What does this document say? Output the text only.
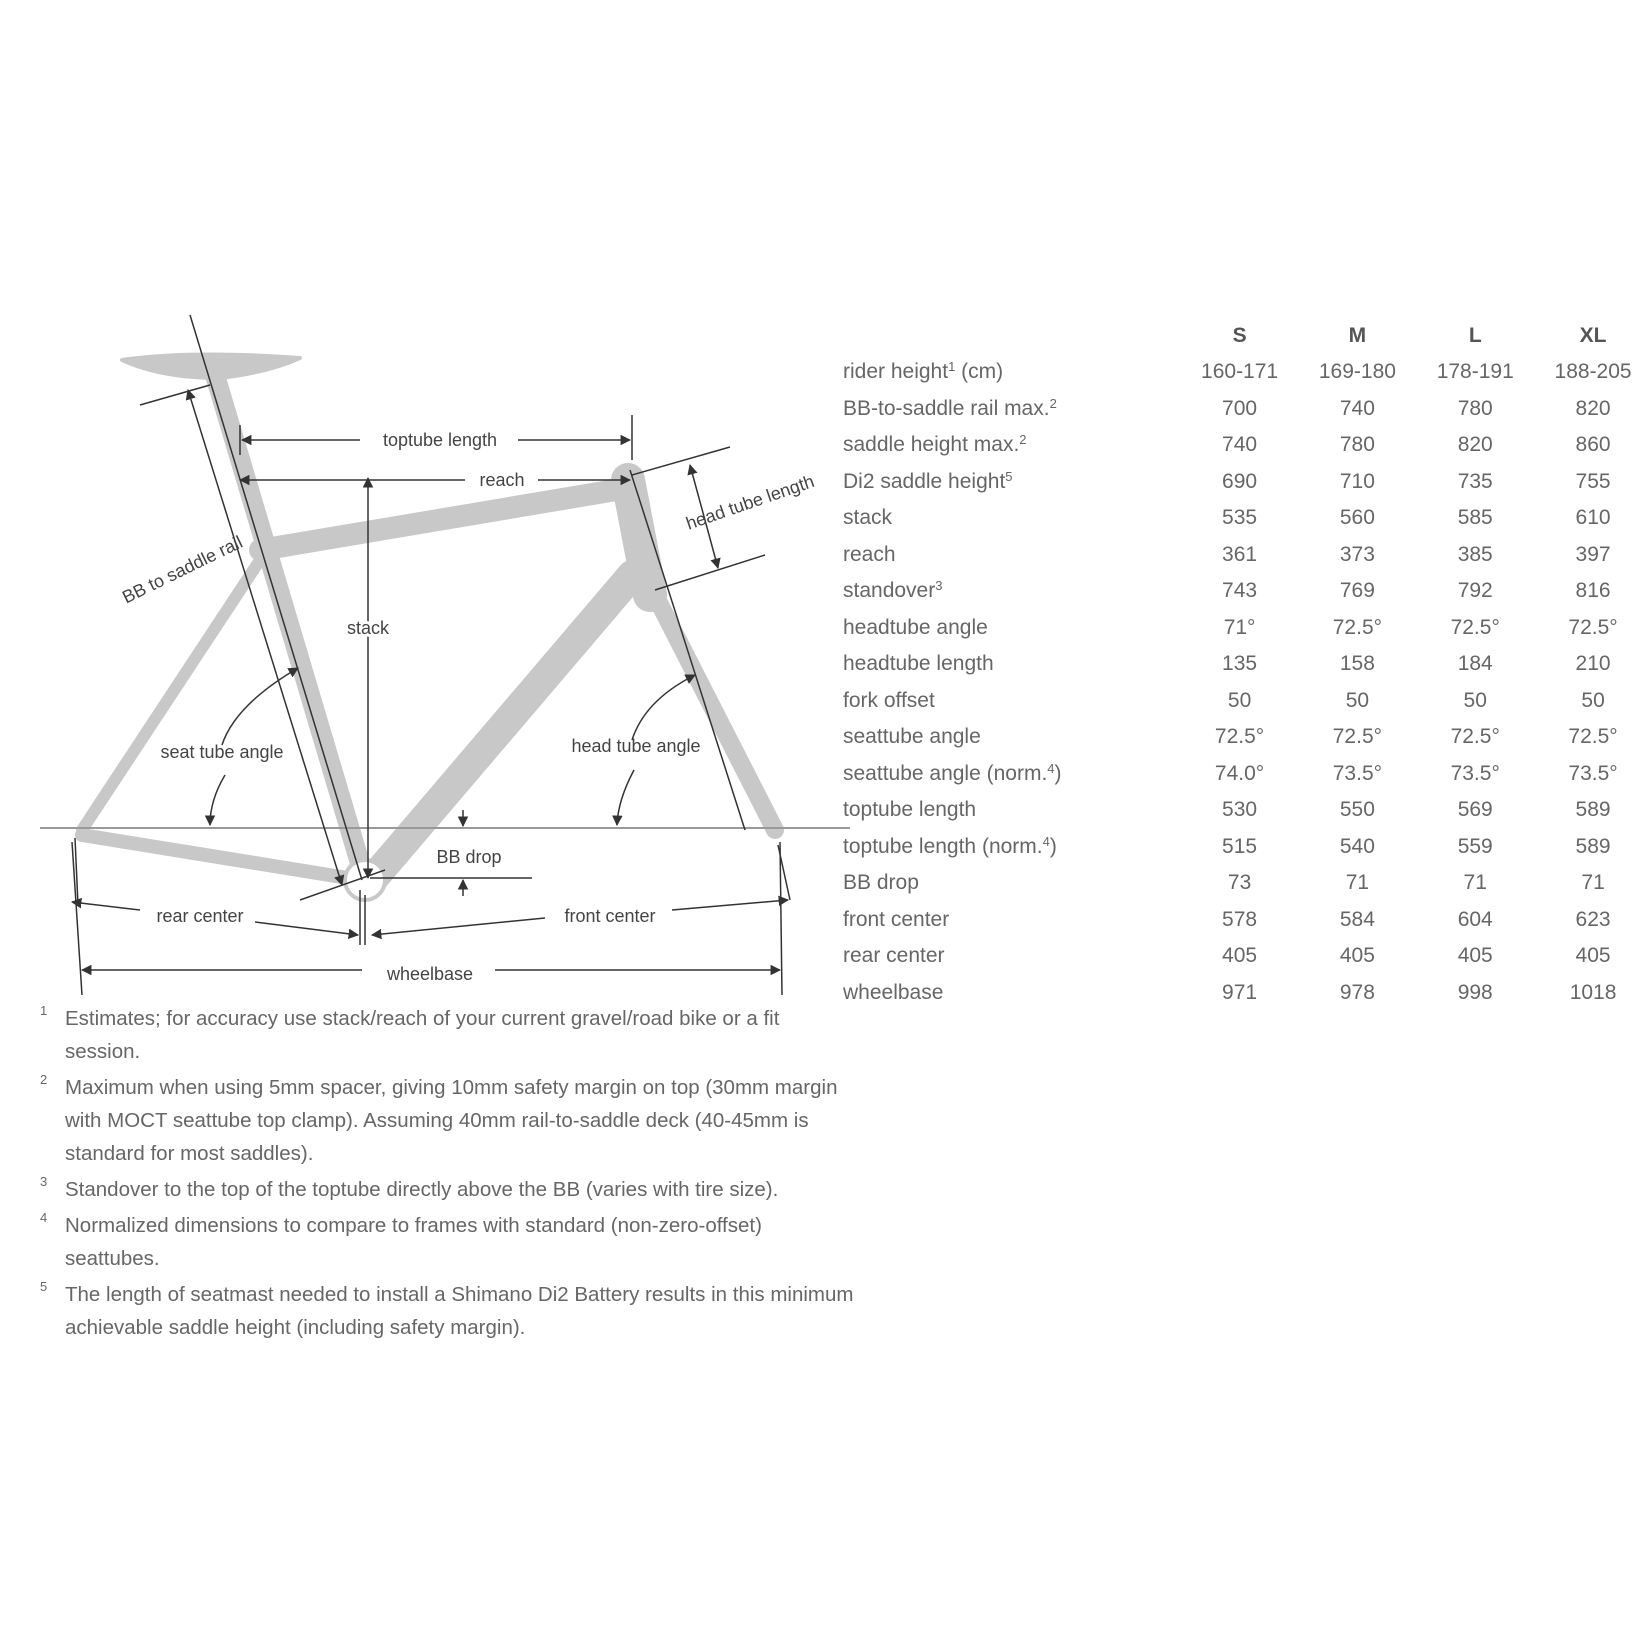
toptube length
reach	head tube length
BB to saddle rail
stack
seat tube angle	head tube angle
BB drop
rear center	front center
wheelbase
	S	M	L	XL
rider height$^1$ (cm)	160-171	169-180	178-191	188-205
BB-to-saddle rail max.$^2$	700	740	780	820
saddle height max.$^2$	740	780	820	860
Di2 saddle height$^5$	690	710	735	755
stack	535	560	585	610
reach	361	373	385	397
standover$^3$	743	769	792	816
headtube angle	71°	72.5°	72.5°	72.5°
headtube length	135	158	184	210
fork offset	50	50	50	50
seattube angle	72.5°	72.5°	72.5°	72.5°
seattube angle (norm.$^4$)	74.0°	73.5°	73.5°	73.5°
toptube length	530	550	569	589
toptube length (norm.$^4$)	515	540	559	589
BB drop	73	71	71	71
front center	578	584	604	623
rear center	405	405	405	405
wheelbase	971	978	998	1018
1 Estimates; for accuracy use stack/reach of your current gravel/road bike or a fit session.
2 Maximum when using 5mm spacer, giving 10mm safety margin on top (30mm margin with MOCT seattube top clamp). Assuming 40mm rail-to-saddle deck (40-45mm is standard for most saddles).
3 Standover to the top of the toptube directly above the BB (varies with tire size).
4 Normalized dimensions to compare to frames with standard (non-zero-offset) seattubes.
5 The length of seatmast needed to install a Shimano Di2 Battery results in this minimum achievable saddle height (including safety margin).
